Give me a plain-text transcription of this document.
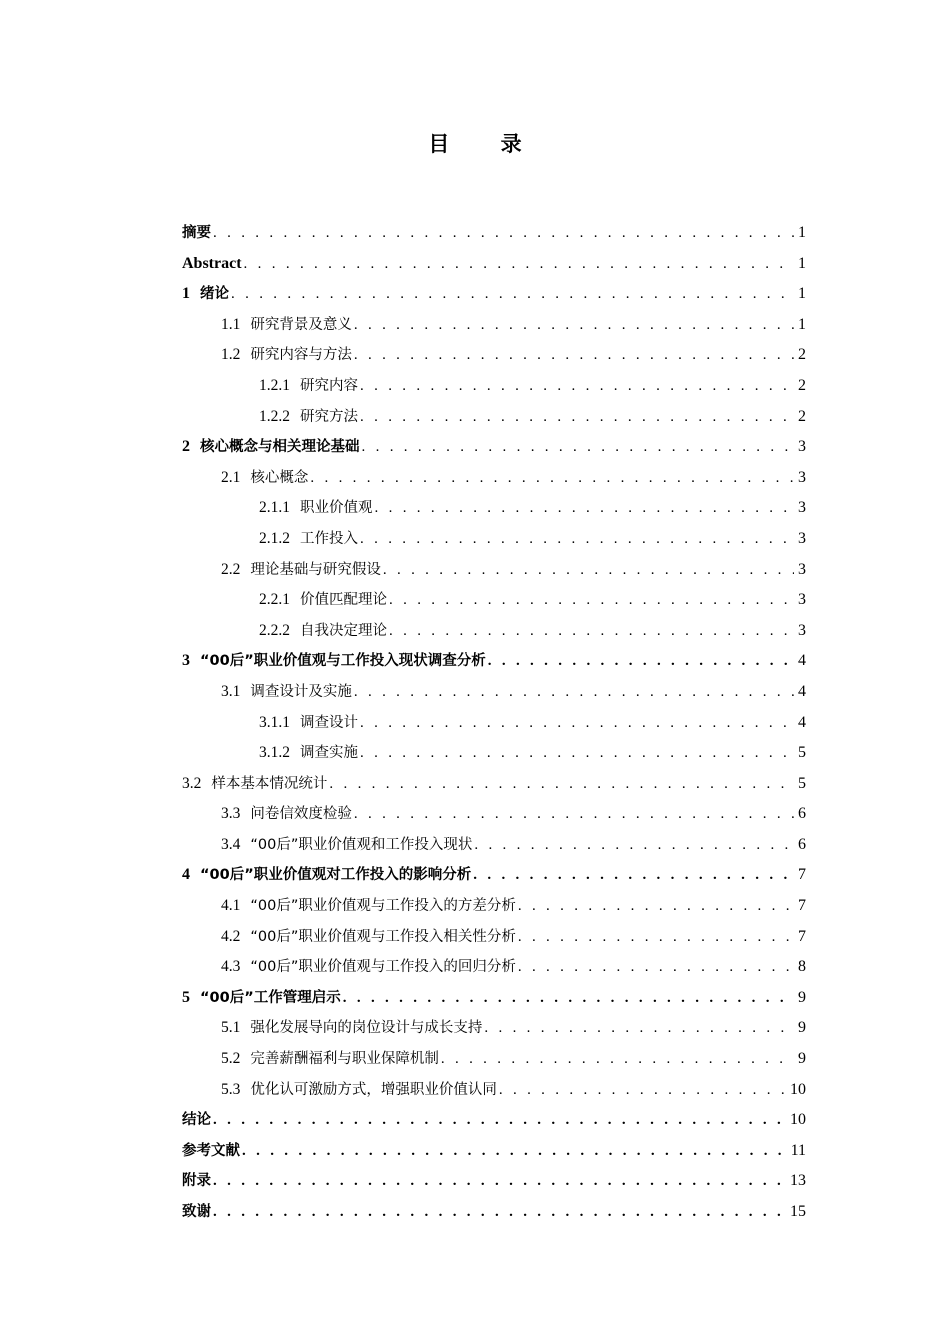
目 录
摘要 . . .	1
Abstract . . .	1
1 绪论 . . .	1
1.1 研究背景及意义 . . .	1
1.2 研究内容与方法 . . .	2
1.2.1 研究内容 . . .	2
1.2.2 研究方法 . . .	2
2 核心概念与相关理论基础 . . .	3
2.1 核心概念 . . .	3
2.1.1 职业价值观 . . .	3
2.1.2 工作投入 . . .	3
2.2 理论基础与研究假设 . . .	3
2.2.1 价值匹配理论 . . .	3
2.2.2 自我决定理论 . . .	3
3 “00后”职业价值观与工作投入现状调查分析 . . .	4
3.1 调查设计及实施 . . .	4
3.1.1 调查设计 . . .	4
3.1.2 调查实施 . . .	5
3.2 样本基本情况统计 . . .	5
3.3 问卷信效度检验 . . .	6
3.4 “00后”职业价值观和工作投入现状 . . .	6
4 “00后”职业价值观对工作投入的影响分析 . . .	7
4.1 “00后”职业价值观与工作投入的方差分析 . . .	7
4.2 “00后”职业价值观与工作投入相关性分析 . . .	7
4.3 “00后”职业价值观与工作投入的回归分析 . . .	8
5 “00后”工作管理启示 . . .	9
5.1 强化发展导向的岗位设计与成长支持 . . .	9
5.2 完善薪酬福利与职业保障机制 . . .	9
5.3 优化认可激励方式，增强职业价值认同 . . .	10
结论 . . .	10
参考文献 . . .	11
附录 . . .	13
致谢 . . .	15
